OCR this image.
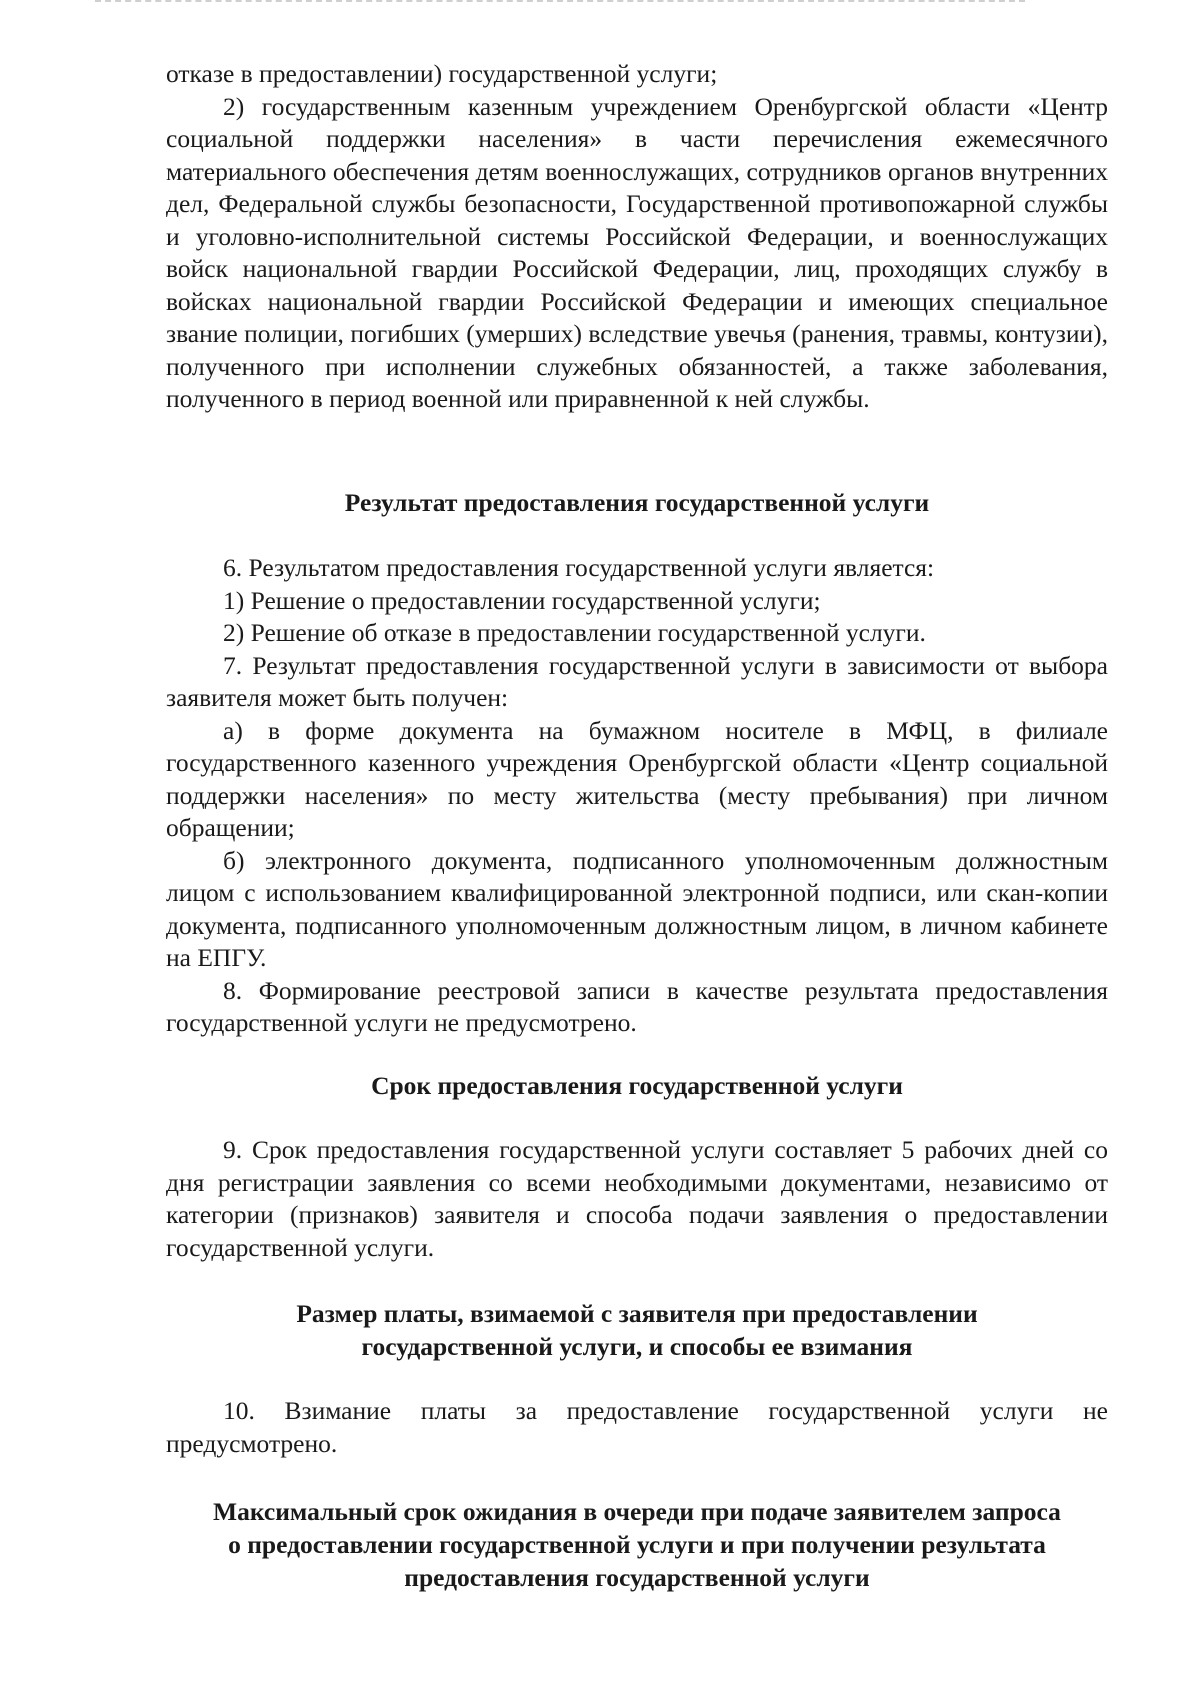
отказе в предоставлении) государственной услуги;

2) государственным казенным учреждением Оренбургской области «Центр социальной поддержки населения» в части перечисления ежемесячного материального обеспечения детям военнослужащих, сотрудников органов внутренних дел, Федеральной службы безопасности, Государственной противопожарной службы и уголовно-исполнительной системы Российской Федерации, и военнослужащих войск национальной гвардии Российской Федерации, лиц, проходящих службу в войсках национальной гвардии Российской Федерации и имеющих специальное звание полиции, погибших (умерших) вследствие увечья (ранения, травмы, контузии), полученного при исполнении служебных обязанностей, а также заболевания, полученного в период военной или приравненной к ней службы.

Результат предоставления государственной услуги

6. Результатом предоставления государственной услуги является:

1) Решение о предоставлении государственной услуги;

2) Решение об отказе в предоставлении государственной услуги.

7. Результат предоставления государственной услуги в зависимости от выбора заявителя может быть получен:

а) в форме документа на бумажном носителе в МФЦ, в филиале государственного казенного учреждения Оренбургской области «Центр социальной поддержки населения» по месту жительства (месту пребывания) при личном обращении;

б) электронного документа, подписанного уполномоченным должностным лицом с использованием квалифицированной электронной подписи, или скан-копии документа, подписанного уполномоченным должностным лицом, в личном кабинете на ЕПГУ.

8. Формирование реестровой записи в качестве результата предоставления государственной услуги не предусмотрено.

Срок предоставления государственной услуги

9. Срок предоставления государственной услуги составляет 5 рабочих дней со дня регистрации заявления со всеми необходимыми документами, независимо от категории (признаков) заявителя и способа подачи заявления о предоставлении государственной услуги.

Размер платы, взимаемой с заявителя при предоставлении
государственной услуги, и способы ее взимания

10. Взимание платы за предоставление государственной услуги не предусмотрено.

Максимальный срок ожидания в очереди при подаче заявителем запроса
о предоставлении государственной услуги и при получении результата
предоставления государственной услуги
